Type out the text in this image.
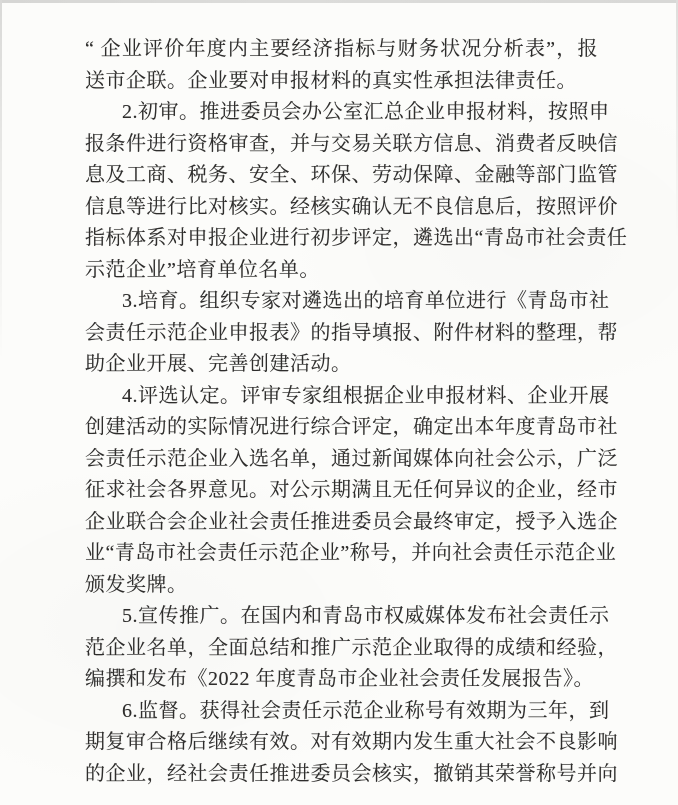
“ 企业评价年度内主要经济指标与财务状况分析表”，报
送市企联。企业要对申报材料的真实性承担法律责任。
2.初审。推进委员会办公室汇总企业申报材料，按照申
报条件进行资格审查，并与交易关联方信息、消费者反映信
息及工商、税务、安全、环保、劳动保障、金融等部门监管
信息等进行比对核实。经核实确认无不良信息后，按照评价
指标体系对申报企业进行初步评定，遴选出“青岛市社会责任
示范企业”培育单位名单。
3.培育。组织专家对遴选出的培育单位进行《青岛市社
会责任示范企业申报表》的指导填报、附件材料的整理，帮
助企业开展、完善创建活动。
4.评选认定。评审专家组根据企业申报材料、企业开展
创建活动的实际情况进行综合评定，确定出本年度青岛市社
会责任示范企业入选名单，通过新闻媒体向社会公示，广泛
征求社会各界意见。对公示期满且无任何异议的企业，经市
企业联合会企业社会责任推进委员会最终审定，授予入选企
业“青岛市社会责任示范企业”称号，并向社会责任示范企业
颁发奖牌。
5.宣传推广。在国内和青岛市权威媒体发布社会责任示
范企业名单，全面总结和推广示范企业取得的成绩和经验，
编撰和发布《2022 年度青岛市企业社会责任发展报告》。
6.监督。获得社会责任示范企业称号有效期为三年，到
期复审合格后继续有效。对有效期内发生重大社会不良影响
的企业，经社会责任推进委员会核实，撤销其荣誉称号并向
